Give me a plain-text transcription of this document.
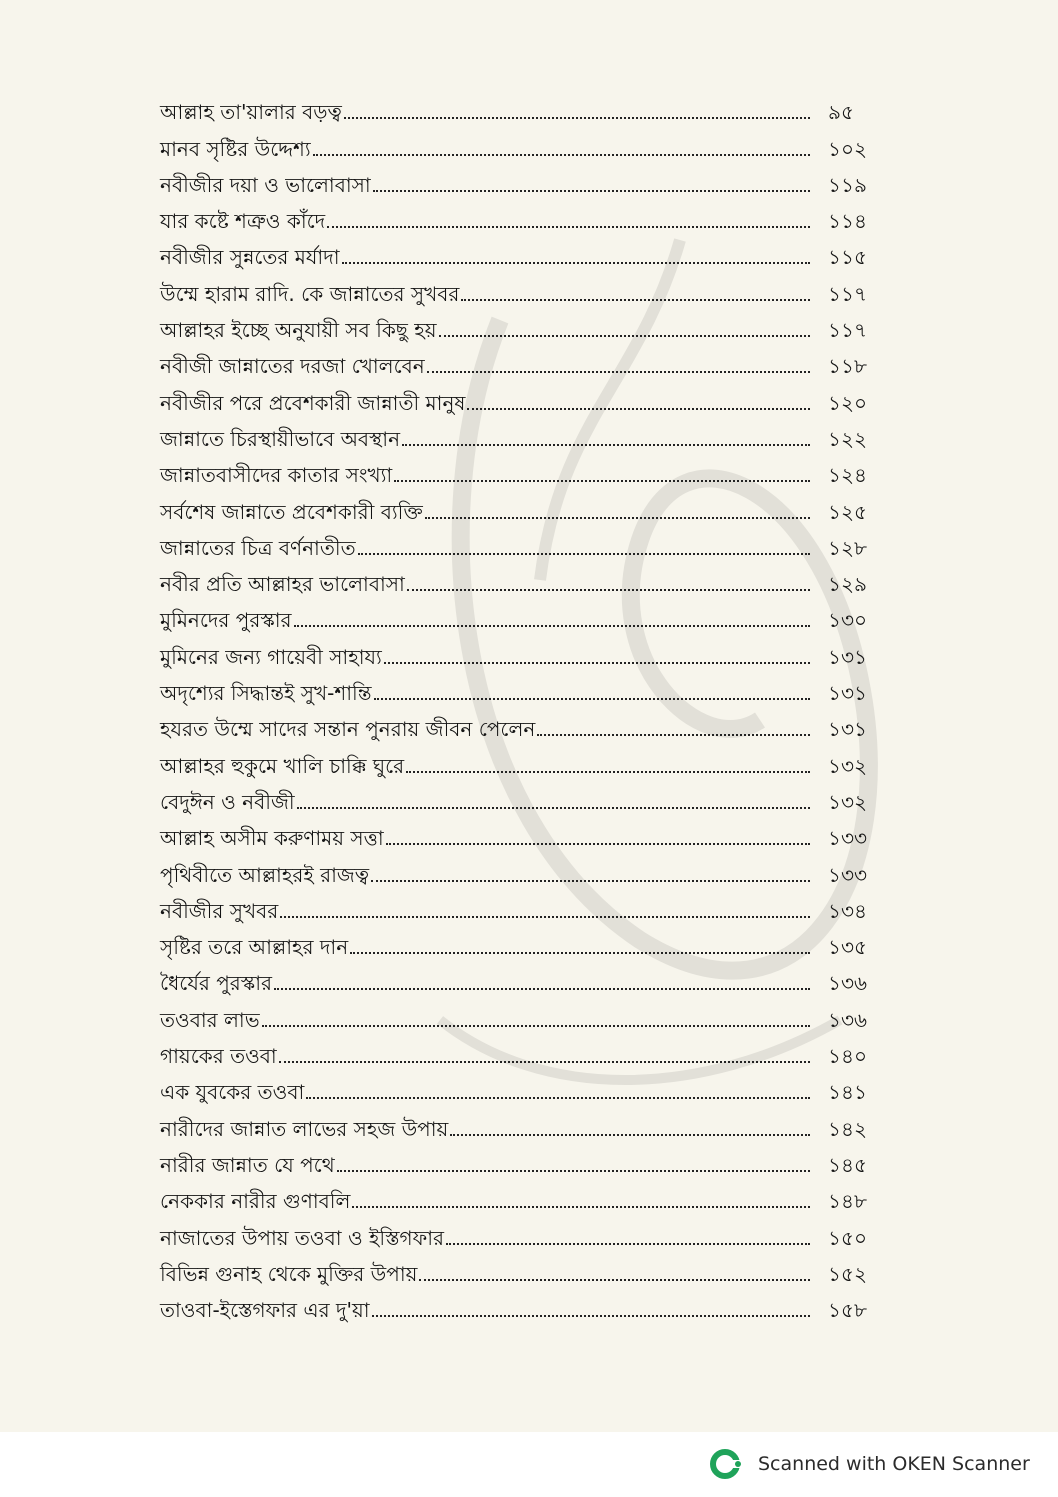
আল্লাহ তা'য়ালার বড়ত্ব	৯৫
মানব সৃষ্টির উদ্দেশ্য	১০২
নবীজীর দয়া ও ভালোবাসা	১১৯
যার কষ্টে শত্রুও কাঁদে	১১৪
নবীজীর সুন্নতের মর্যাদা	১১৫
উম্মে হারাম রাদি. কে জান্নাতের সুখবর	১১৭
আল্লাহর ইচ্ছে অনুযায়ী সব কিছু হয়	১১৭
নবীজী জান্নাতের দরজা খোলবেন	১১৮
নবীজীর পরে প্রবেশকারী জান্নাতী মানুষ	১২০
জান্নাতে চিরস্থায়ীভাবে অবস্থান	১২২
জান্নাতবাসীদের কাতার সংখ্যা	১২৪
সর্বশেষ জান্নাতে প্রবেশকারী ব্যক্তি	১২৫
জান্নাতের চিত্র বর্ণনাতীত	১২৮
নবীর প্রতি আল্লাহর ভালোবাসা	১২৯
মুমিনদের পুরস্কার	১৩০
মুমিনের জন্য গায়েবী সাহায্য	১৩১
অদৃশ্যের সিদ্ধান্তই সুখ-শান্তি	১৩১
হযরত উম্মে সাদের সন্তান পুনরায় জীবন পেলেন	১৩১
আল্লাহর হুকুমে খালি চাক্কি ঘুরে	১৩২
বেদুঈন ও নবীজী	১৩২
আল্লাহ অসীম করুণাময় সত্তা	১৩৩
পৃথিবীতে আল্লাহরই রাজত্ব	১৩৩
নবীজীর সুখবর	১৩৪
সৃষ্টির তরে আল্লাহর দান	১৩৫
ধৈর্যের পুরস্কার	১৩৬
তওবার লাভ	১৩৬
গায়কের তওবা	১৪০
এক যুবকের তওবা	১৪১
নারীদের জান্নাত লাভের সহজ উপায়	১৪২
নারীর জান্নাত যে পথে	১৪৫
নেককার নারীর গুণাবলি	১৪৮
নাজাতের উপায় তওবা ও ইস্তিগফার	১৫০
বিভিন্ন গুনাহ থেকে মুক্তির উপায়	১৫২
তাওবা-ইস্তেগফার এর দু'য়া	১৫৮
Scanned with OKEN Scanner
